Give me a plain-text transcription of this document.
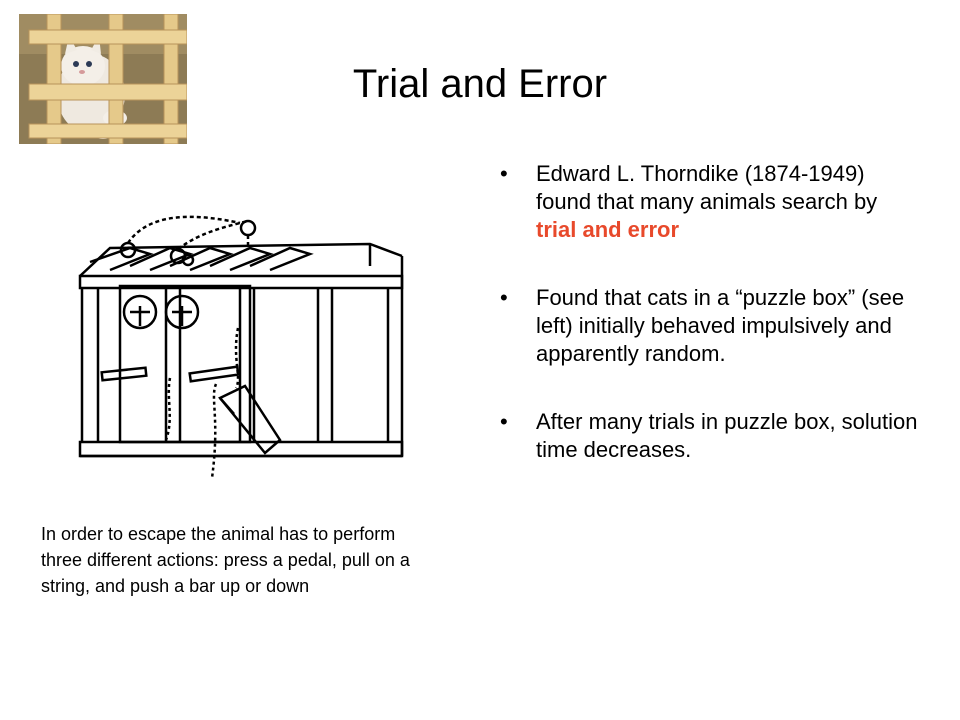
Trial and Error
•	Edward L. Thorndike (1874-1949) found that many animals search by trial and error
•	Found that cats in a “puzzle box” (see left) initially behaved impulsively and apparently random.
•	After many trials in puzzle box, solution time decreases.

In order to escape the animal has to perform three different actions: press a pedal, pull on a string, and push a bar up or down
